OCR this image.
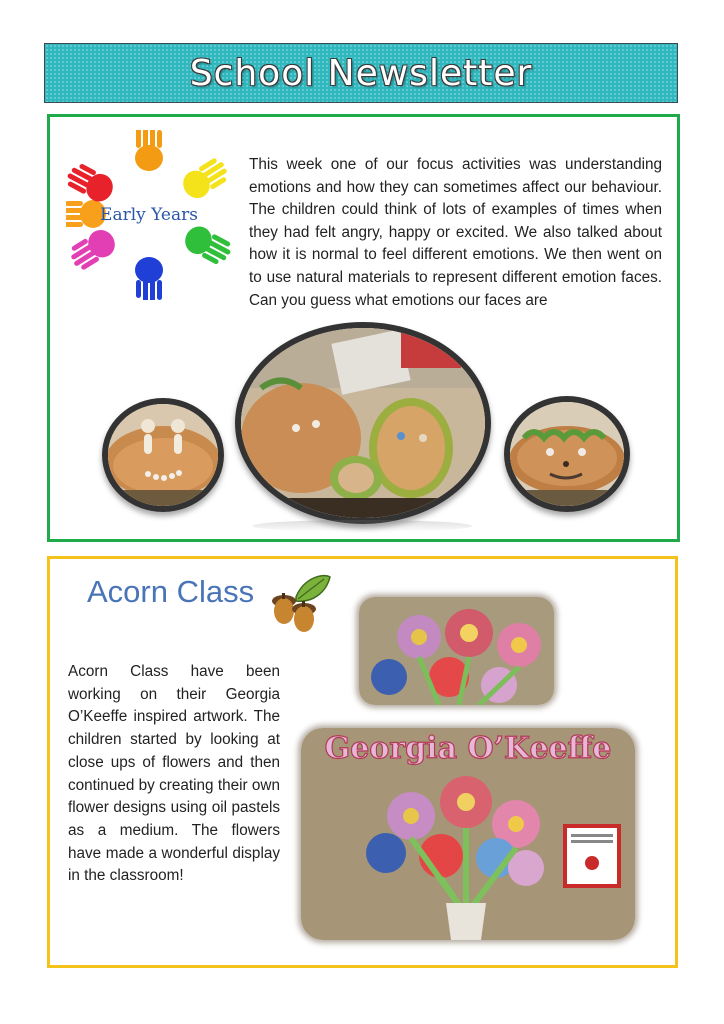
School Newsletter
Early Years

This week one of our focus activities was understanding emotions and how they can sometimes affect our behaviour. The children could think of lots of examples of times when they had felt angry, happy or excited. We also talked about how it is normal to feel different emotions. We then went on to use natural materials to represent different emotion faces. Can you guess what emotions our faces are

Acorn Class

Acorn Class have been working on their Georgia O’Keeffe inspired artwork. The children started by looking at close ups of flowers and then continued by creating their own flower designs using oil pastels as a medium. The flowers have made a wonderful display in the classroom!

Georgia O’Keeffe
